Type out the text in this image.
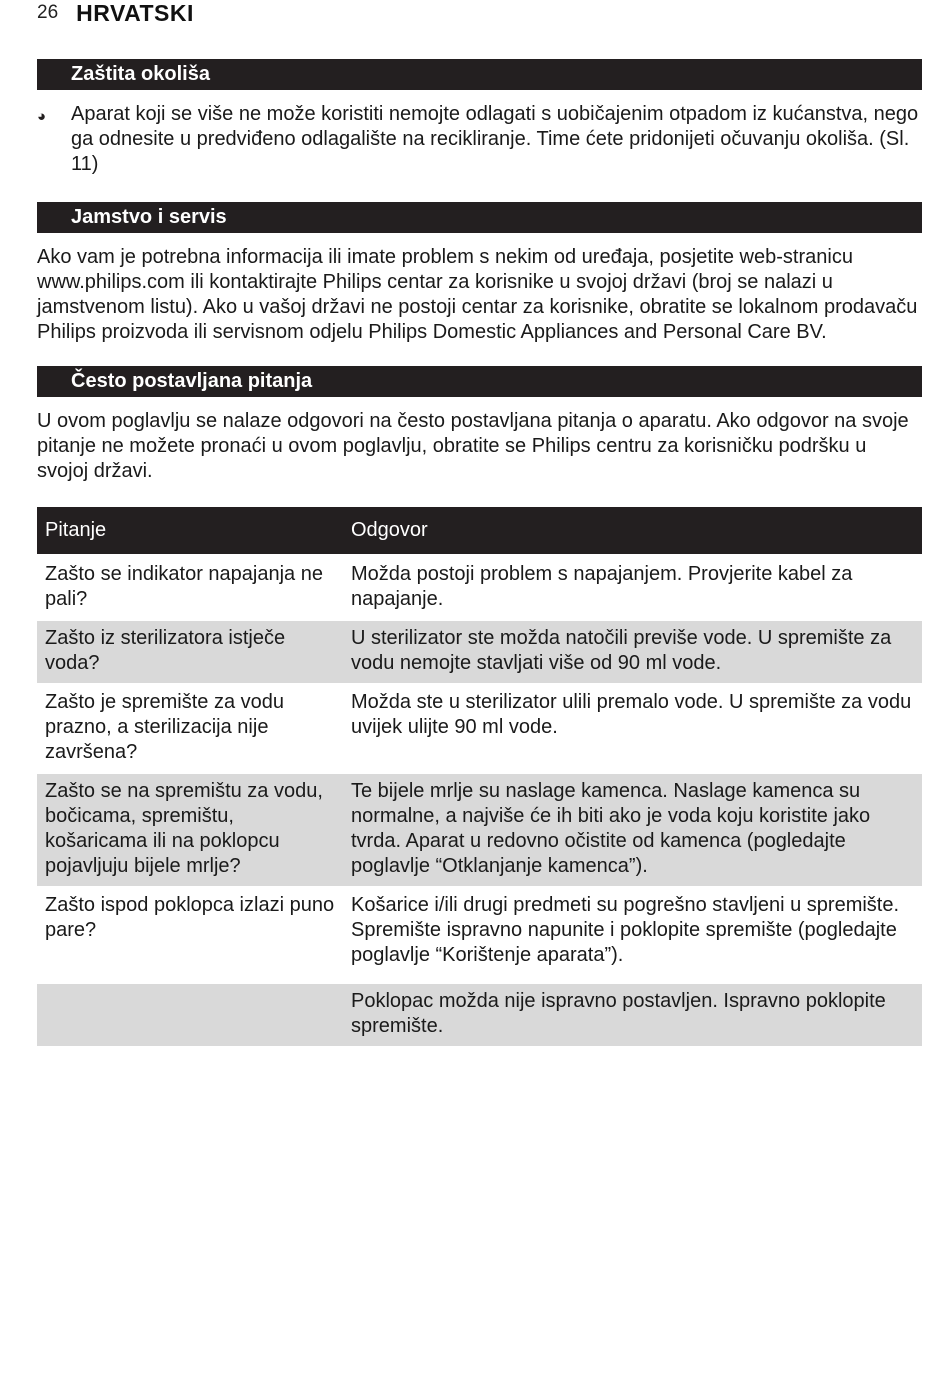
26 HRVATSKI
Zaštita okoliša
◕	Aparat koji se više ne može koristiti nemojte odlagati s uobičajenim otpadom iz kućanstva, nego ga odnesite u predviđeno odlagalište na recikliranje. Time ćete pridonijeti očuvanju okoliša. (Sl. 11)
Jamstvo i servis

Ako vam je potrebna informacija ili imate problem s nekim od uređaja, posjetite web-stranicu www.philips.com ili kontaktirajte Philips centar za korisnike u svojoj državi (broj se nalazi u jamstvenom listu). Ako u vašoj državi ne postoji centar za korisnike, obratite se lokalnom prodavaču Philips proizvoda ili servisnom odjelu Philips Domestic Appliances and Personal Care BV.

Često postavljana pitanja

U ovom poglavlju se nalaze odgovori na često postavljana pitanja o aparatu. Ako odgovor na svoje pitanje ne možete pronaći u ovom poglavlju, obratite se Philips centru za korisničku podršku u svojoj državi.

Pitanje	Odgovor
Zašto se indikator napajanja ne pali?	Možda postoji problem s napajanjem. Provjerite kabel za napajanje.
Zašto iz sterilizatora istječe voda?	U sterilizator ste možda natočili previše vode. U spremište za vodu nemojte stavljati više od 90 ml vode.
Zašto je spremište za vodu prazno, a sterilizacija nije završena?	Možda ste u sterilizator ulili premalo vode. U spremište za vodu uvijek ulijte 90 ml vode.
Zašto se na spremištu za vodu, bočicama, spremištu, košaricama ili na poklopcu pojavljuju bijele mrlje?	Te bijele mrlje su naslage kamenca. Naslage kamenca su normalne, a najviše će ih biti ako je voda koju koristite jako tvrda. Aparat u redovno očistite od kamenca (pogledajte poglavlje “Otklanjanje kamenca”).
Zašto ispod poklopca izlazi puno pare?	Košarice i/ili drugi predmeti su pogrešno stavljeni u spremište. Spremište ispravno napunite i poklopite spremište (pogledajte poglavlje “Korištenje aparata”).
	Poklopac možda nije ispravno postavljen. Ispravno poklopite spremište.
